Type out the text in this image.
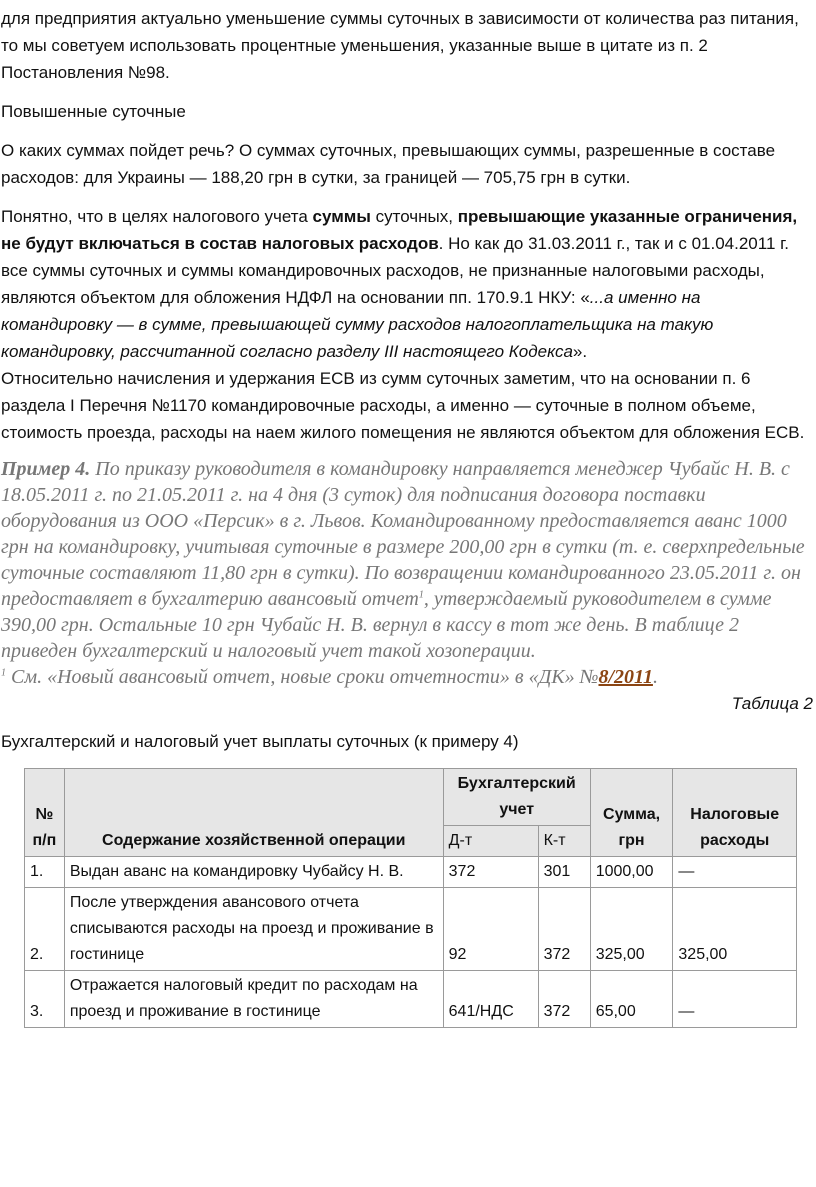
для предприятия актуально уменьшение суммы суточных в зависимости от количества раз питания, то мы советуем использовать процентные уменьшения, указанные выше в цитате из п. 2 Постановления №98.

Повышенные суточные

О каких суммах пойдет речь? О суммах суточных, превышающих суммы, разрешенные в составе расходов: для Украины — 188,20 грн в сутки, за границей — 705,75 грн в сутки.

Понятно, что в целях налогового учета суммы суточных, превышающие указанные ограничения, не будут включаться в состав налоговых расходов. Но как до 31.03.2011 г., так и с 01.04.2011 г. все суммы суточных и суммы командировочных расходов, не признанные налоговыми расходы, являются объектом для обложения НДФЛ на основании пп. 170.9.1 НКУ: «...а именно на командировку — в сумме, превышающей сумму расходов налогоплательщика на такую командировку, рассчитанной согласно разделу III настоящего Кодекса».

Относительно начисления и удержания ЕСВ из сумм суточных заметим, что на основании п. 6 раздела I Перечня №1170 командировочные расходы, а именно — суточные в полном объеме, стоимость проезда, расходы на наем жилого помещения не являются объектом для обложения ЕСВ.

Пример 4. По приказу руководителя в командировку направляется менеджер Чубайс Н. В. с 18.05.2011 г. по 21.05.2011 г. на 4 дня (3 суток) для подписания договора поставки оборудования из ООО «Персик» в г. Львов. Командированному предоставляется аванс 1000 грн на командировку, учитывая суточные в размере 200,00 грн в сутки (т. е. сверхпредельные суточные составляют 11,80 грн в сутки). По возвращении командированного 23.05.2011 г. он предоставляет в бухгалтерию авансовый отчет$^1$, утверждаемый руководителем в сумме 390,00 грн. Остальные 10 грн Чубайс Н. В. вернул в кассу в тот же день. В таблице 2 приведен бухгалтерский и налоговый учет такой хозоперации.
$^1$ См. «Новый авансовый отчет, новые сроки отчетности» в «ДК» №8/2011.
Таблица 2
Бухгалтерский и налоговый учет выплаты суточных (к примеру 4)
№ п/п	Содержание хозяйственной операции	Бухгалтерский учет		Сумма, грн	Налоговые расходы
		Д-т	К-т		
1.	Выдан аванс на командировку Чубайсу Н. В.	372	301	1000,00	—
2.	После утверждения авансового отчета списываются расходы на проезд и проживание в гостинице	92	372	325,00	325,00
3.	Отражается налоговый кредит по расходам на проезд и проживание в гостинице	641/НДС	372	65,00	—
